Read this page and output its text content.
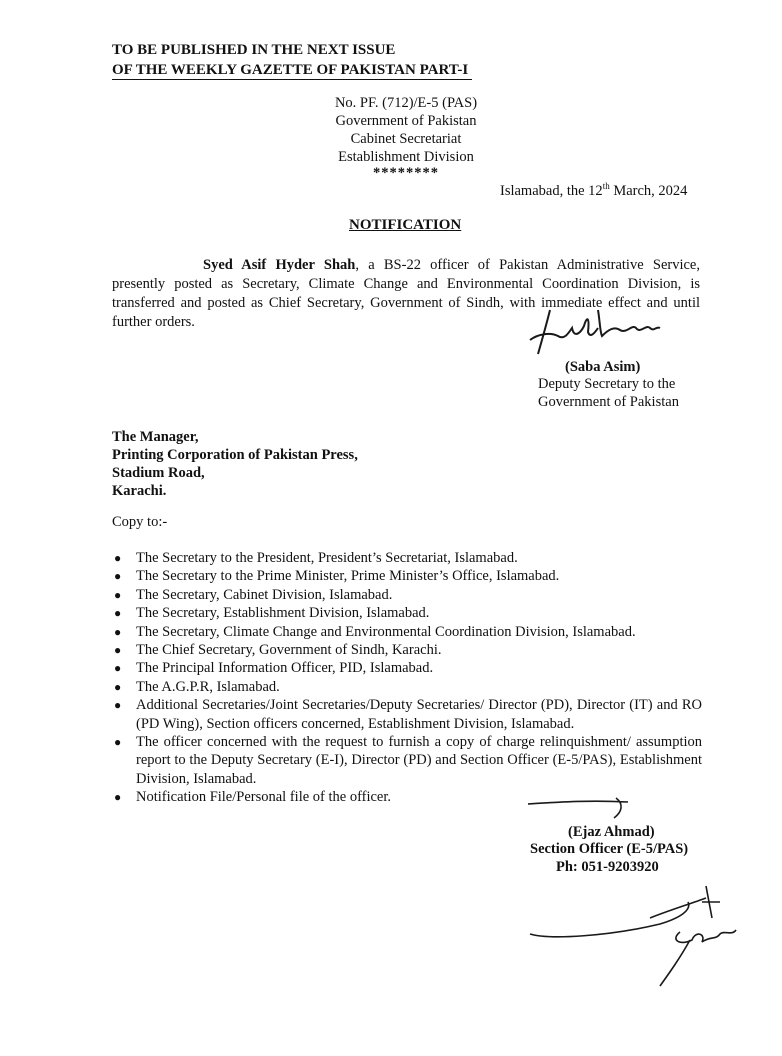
TO BE PUBLISHED IN THE NEXT ISSUE
OF THE WEEKLY GAZETTE OF PAKISTAN PART-I
No. PF. (712)/E-5 (PAS)
Government of Pakistan
Cabinet Secretariat
Establishment Division
********
Islamabad, the 12th March, 2024
NOTIFICATION
Syed Asif Hyder Shah, a BS-22 officer of Pakistan Administrative Service, presently posted as Secretary, Climate Change and Environmental Coordination Division, is transferred and posted as Chief Secretary, Government of Sindh, with immediate effect and until further orders.
(Saba Asim)
Deputy Secretary to the
Government of Pakistan
The Manager,
Printing Corporation of Pakistan Press,
Stadium Road,
Karachi.
Copy to:-
● The Secretary to the President, President’s Secretariat, Islamabad.
● The Secretary to the Prime Minister, Prime Minister’s Office, Islamabad.
● The Secretary, Cabinet Division, Islamabad.
● The Secretary, Establishment Division, Islamabad.
● The Secretary, Climate Change and Environmental Coordination Division, Islamabad.
● The Chief Secretary, Government of Sindh, Karachi.
● The Principal Information Officer, PID, Islamabad.
● The A.G.P.R, Islamabad.
● Additional Secretaries/Joint Secretaries/Deputy Secretaries/ Director (PD), Director (IT) and RO (PD Wing), Section officers concerned, Establishment Division, Islamabad.
● The officer concerned with the request to furnish a copy of charge relinquishment/ assumption report to the Deputy Secretary (E-I), Director (PD) and Section Officer (E-5/PAS), Establishment Division, Islamabad.
● Notification File/Personal file of the officer.
(Ejaz Ahmad)
Section Officer (E-5/PAS)
Ph: 051-9203920
